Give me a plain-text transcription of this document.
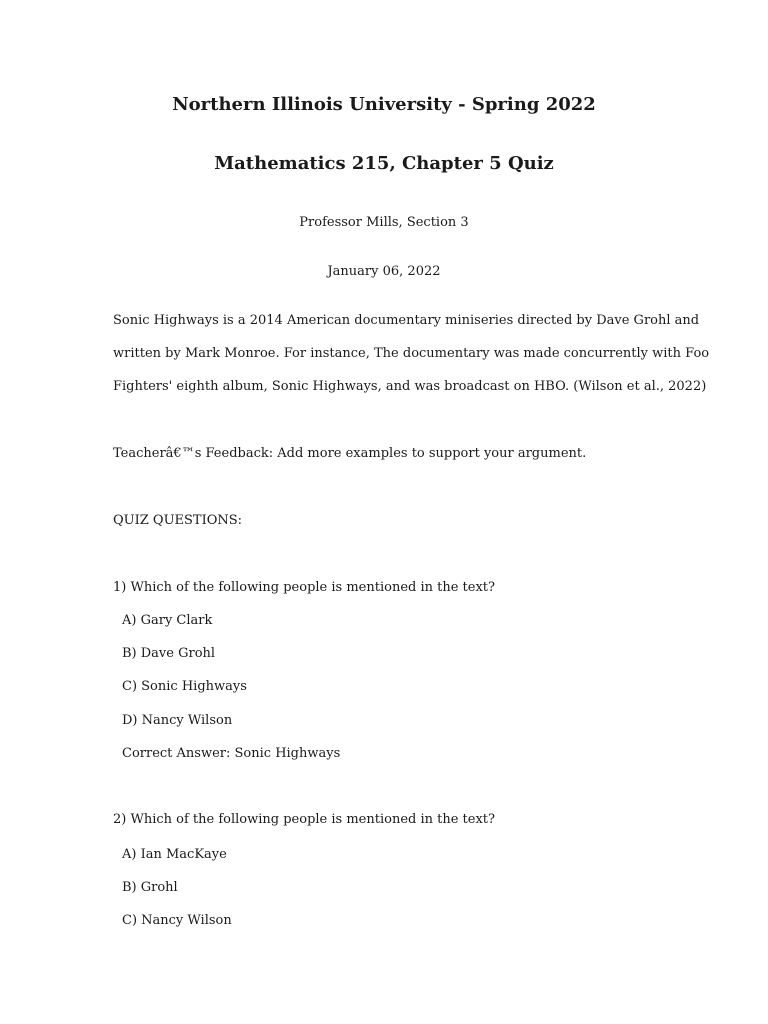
Northern Illinois University - Spring 2022
Mathematics 215, Chapter 5 Quiz
Professor Mills, Section 3
January 06, 2022
Sonic Highways is a 2014 American documentary miniseries directed by Dave Grohl and
written by Mark Monroe. For instance, The documentary was made concurrently with Foo
Fighters' eighth album, Sonic Highways, and was broadcast on HBO. (Wilson et al., 2022)
Teacherâ€™s Feedback: Add more examples to support your argument.
QUIZ QUESTIONS:
1) Which of the following people is mentioned in the text?
A) Gary Clark
B) Dave Grohl
C) Sonic Highways
D) Nancy Wilson
Correct Answer: Sonic Highways
2) Which of the following people is mentioned in the text?
A) Ian MacKaye
B) Grohl
C) Nancy Wilson
